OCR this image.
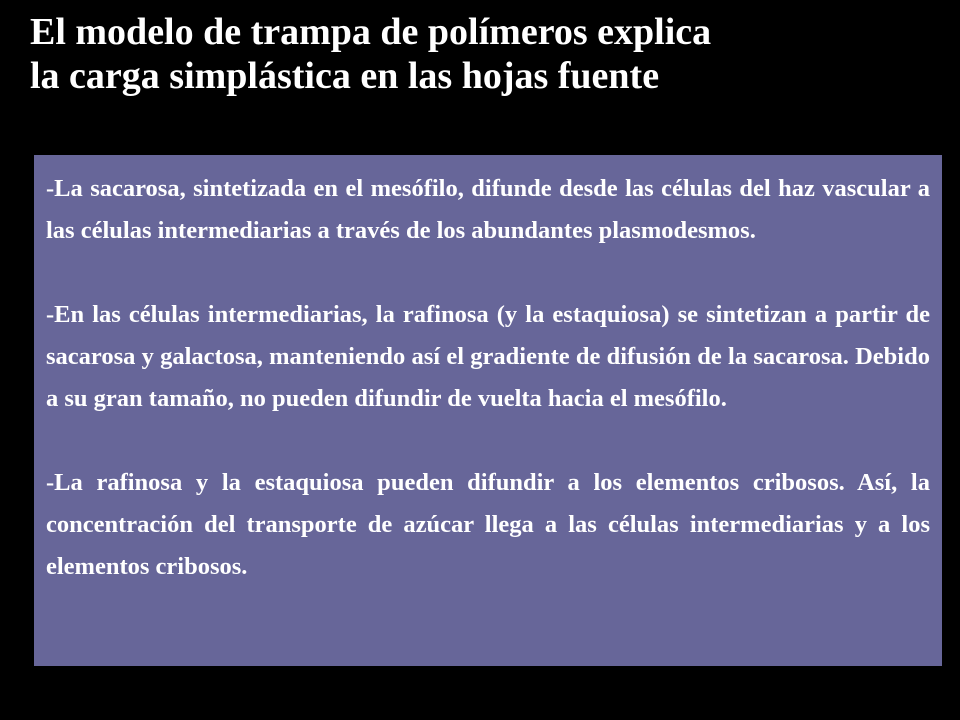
El modelo de trampa de polímeros explica
la carga simplástica en las hojas fuente

-La sacarosa, sintetizada en el mesófilo, difunde desde las células del haz vascular a las células intermediarias a través de los abundantes plasmodesmos.

-En las células intermediarias, la rafinosa (y la estaquiosa) se sintetizan a partir de sacarosa y galactosa, manteniendo así el gradiente de difusión de la sacarosa. Debido a su gran tamaño, no pueden difundir de vuelta hacia el mesófilo.

-La rafinosa y la estaquiosa pueden difundir a los elementos cribosos. Así, la concentración del transporte de azúcar llega a las células intermediarias y a los elementos cribosos.
